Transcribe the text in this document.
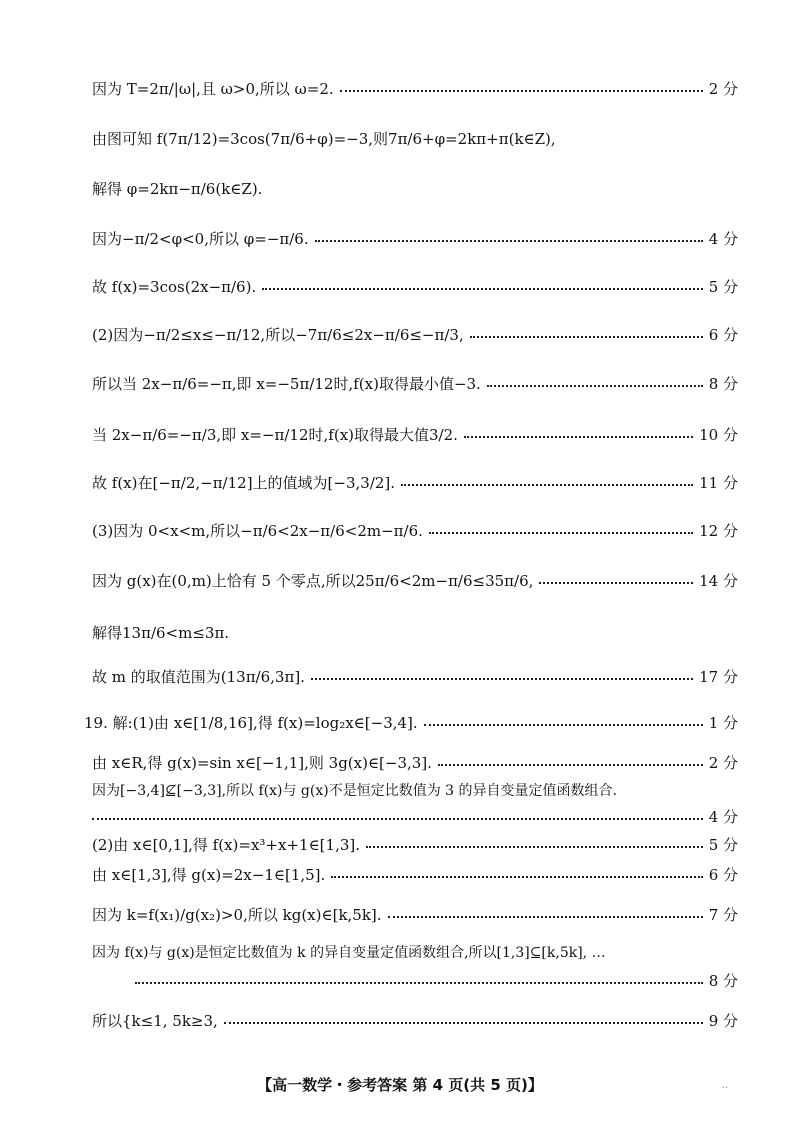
因为 T=2π/|ω|,且 ω>0,所以 ω=2.	2 分
由图可知 f(7π/12)=3cos(7π/6+φ)=−3,则7π/6+φ=2kπ+π(k∈Z),
解得 φ=2kπ−π/6(k∈Z).
因为−π/2<φ<0,所以 φ=−π/6.	4 分
故 f(x)=3cos(2x−π/6).	5 分
(2)因为−π/2≤x≤−π/12,所以−7π/6≤2x−π/6≤−π/3,	6 分
所以当 2x−π/6=−π,即 x=−5π/12时,f(x)取得最小值−3.	8 分
当 2x−π/6=−π/3,即 x=−π/12时,f(x)取得最大值3/2.	10 分
故 f(x)在[−π/2,−π/12]上的值域为[−3,3/2].	11 分
(3)因为 0<x<m,所以−π/6<2x−π/6<2m−π/6.	12 分
因为 g(x)在(0,m)上恰有 5 个零点,所以25π/6<2m−π/6≤35π/6,	14 分
解得13π/6<m≤3π.
故 m 的取值范围为(13π/6,3π].	17 分
19. 解:(1)由 x∈[1/8,16],得 f(x)=log₂x∈[−3,4].	1 分
由 x∈R,得 g(x)=sin x∈[−1,1],则 3g(x)∈[−3,3].	2 分
因为[−3,4]⊈[−3,3],所以 f(x)与 g(x)不是恒定比数值为 3 的异自变量定值函数组合.
4 分
(2)由 x∈[0,1],得 f(x)=x³+x+1∈[1,3].	5 分
由 x∈[1,3],得 g(x)=2x−1∈[1,5].	6 分
因为 k=f(x₁)/g(x₂)>0,所以 kg(x)∈[k,5k].	7 分
因为 f(x)与 g(x)是恒定比数值为 k 的异自变量定值函数组合,所以[1,3]⊆[k,5k], …
8 分
所以{k≤1, 5k≥3,	9 分
【高一数学・参考答案 第 4 页(共 5 页)】	..
